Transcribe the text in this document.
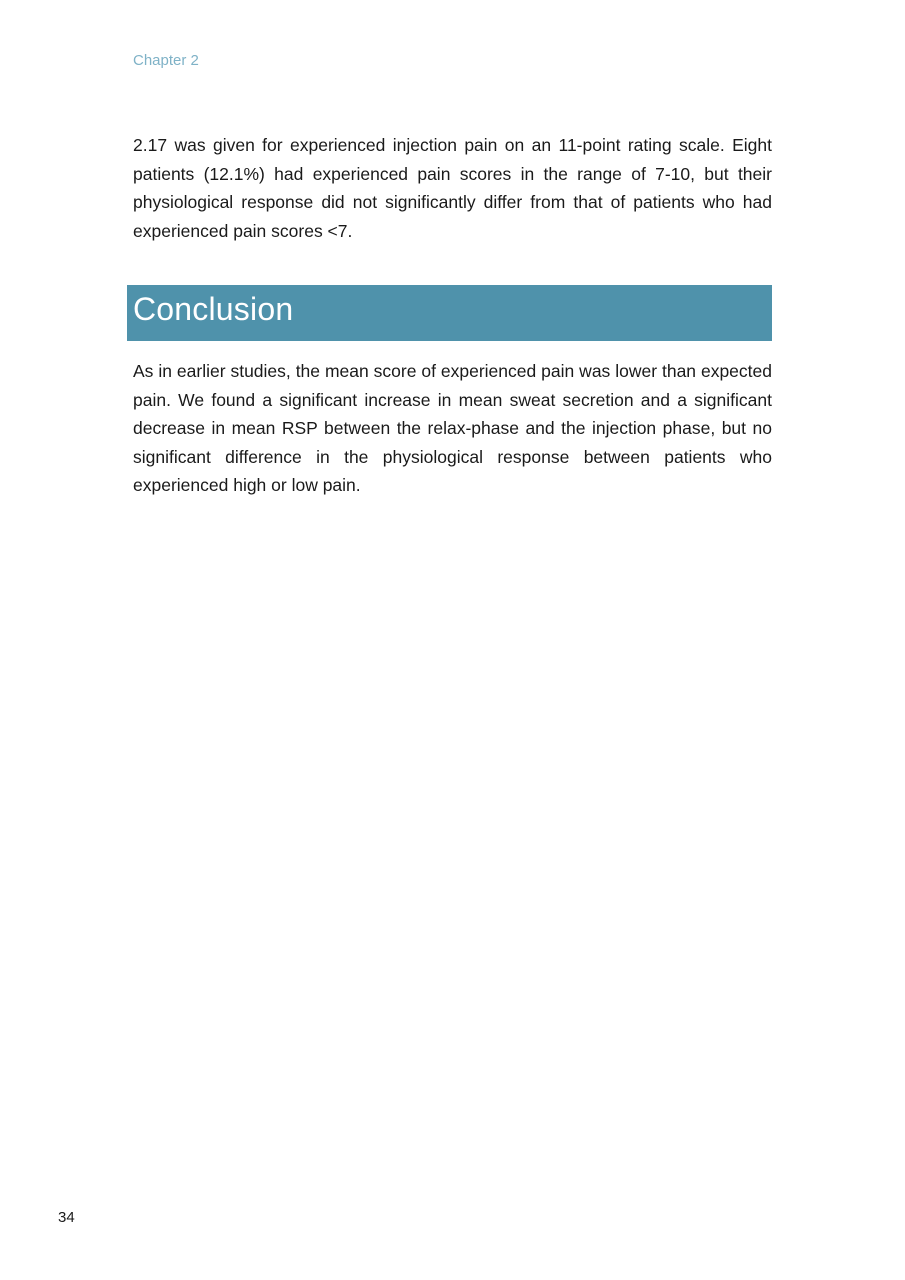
Chapter 2

2.17 was given for experienced injection pain on an 11-point rating scale. Eight patients (12.1%) had experienced pain scores in the range of 7-10, but their physiological response did not significantly differ from that of patients who had experienced pain scores <7.

Conclusion

As in earlier studies, the mean score of experienced pain was lower than expected pain. We found a significant increase in mean sweat secretion and a significant decrease in mean RSP between the relax-phase and the injection phase, but no significant difference in the physiological response between patients who experienced high or low pain.

34
